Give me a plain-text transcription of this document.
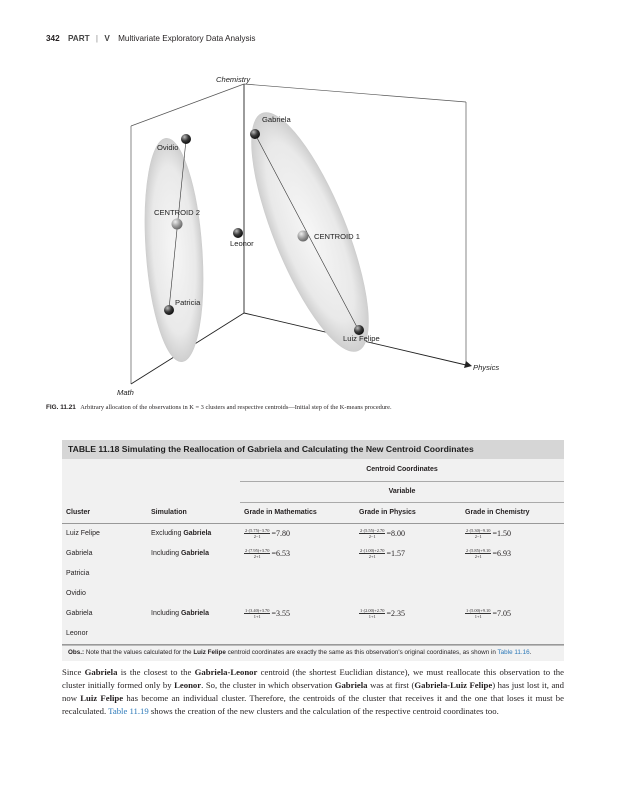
342 PART | V Multivariate Exploratory Data Analysis
Chemistry
Physics
Math
Gabriela
Ovidio
CENTROID 2
Leonor
CENTROID 1
Patricia
Luiz Felipe
FIG. 11.21 Arbitrary allocation of the observations in K = 3 clusters and respective centroids—Initial step of the K-means procedure.
TABLE 11.18 Simulating the Reallocation of Gabriela and Calculating the New Centroid Coordinates
		Centroid Coordinates		
		Variable		
Cluster	Simulation	Grade in Mathematics	Grade in Physics	Grade in Chemistry
Luiz Felipe	Excluding Gabriela	$\frac{2\cdot(5.75)-3.70}{2-1} =7.80$	$\frac{2\cdot(5.55)-2.70}{2-1} =8.00$	$\frac{2\cdot(5.30)-9.10}{2-1} =1.50$
Gabriela	Including Gabriela	$\frac{2\cdot(7.95)+3.70}{2+1} =6.53$	$\frac{2\cdot(1.00)+2.70}{2+1} =1.57$	$\frac{2\cdot(5.85)+9.10}{2+1} =6.93$
Patricia				
Ovidio				
Gabriela	Including Gabriela	$\frac{1\cdot(3.40)+3.70}{1+1} =3.55$	$\frac{1\cdot(2.00)+2.70}{1+1} =2.35$	$\frac{1\cdot(5.00)+9.10}{1+1} =7.05$
Leonor				
Obs.: Note that the values calculated for the Luiz Felipe centroid coordinates are exactly the same as this observation's original coordinates, as shown in Table 11.16.
Since Gabriela is the closest to the Gabriela-Leonor centroid (the shortest Euclidian distance), we must reallocate this observation to the cluster initially formed only by Leonor. So, the cluster in which observation Gabriela was at first (Gabriela-Luiz Felipe) has just lost it, and now Luiz Felipe has become an individual cluster. Therefore, the centroids of the cluster that receives it and the one that loses it must be recalculated. Table 11.19 shows the creation of the new clusters and the calculation of the respective centroid coordinates too.
